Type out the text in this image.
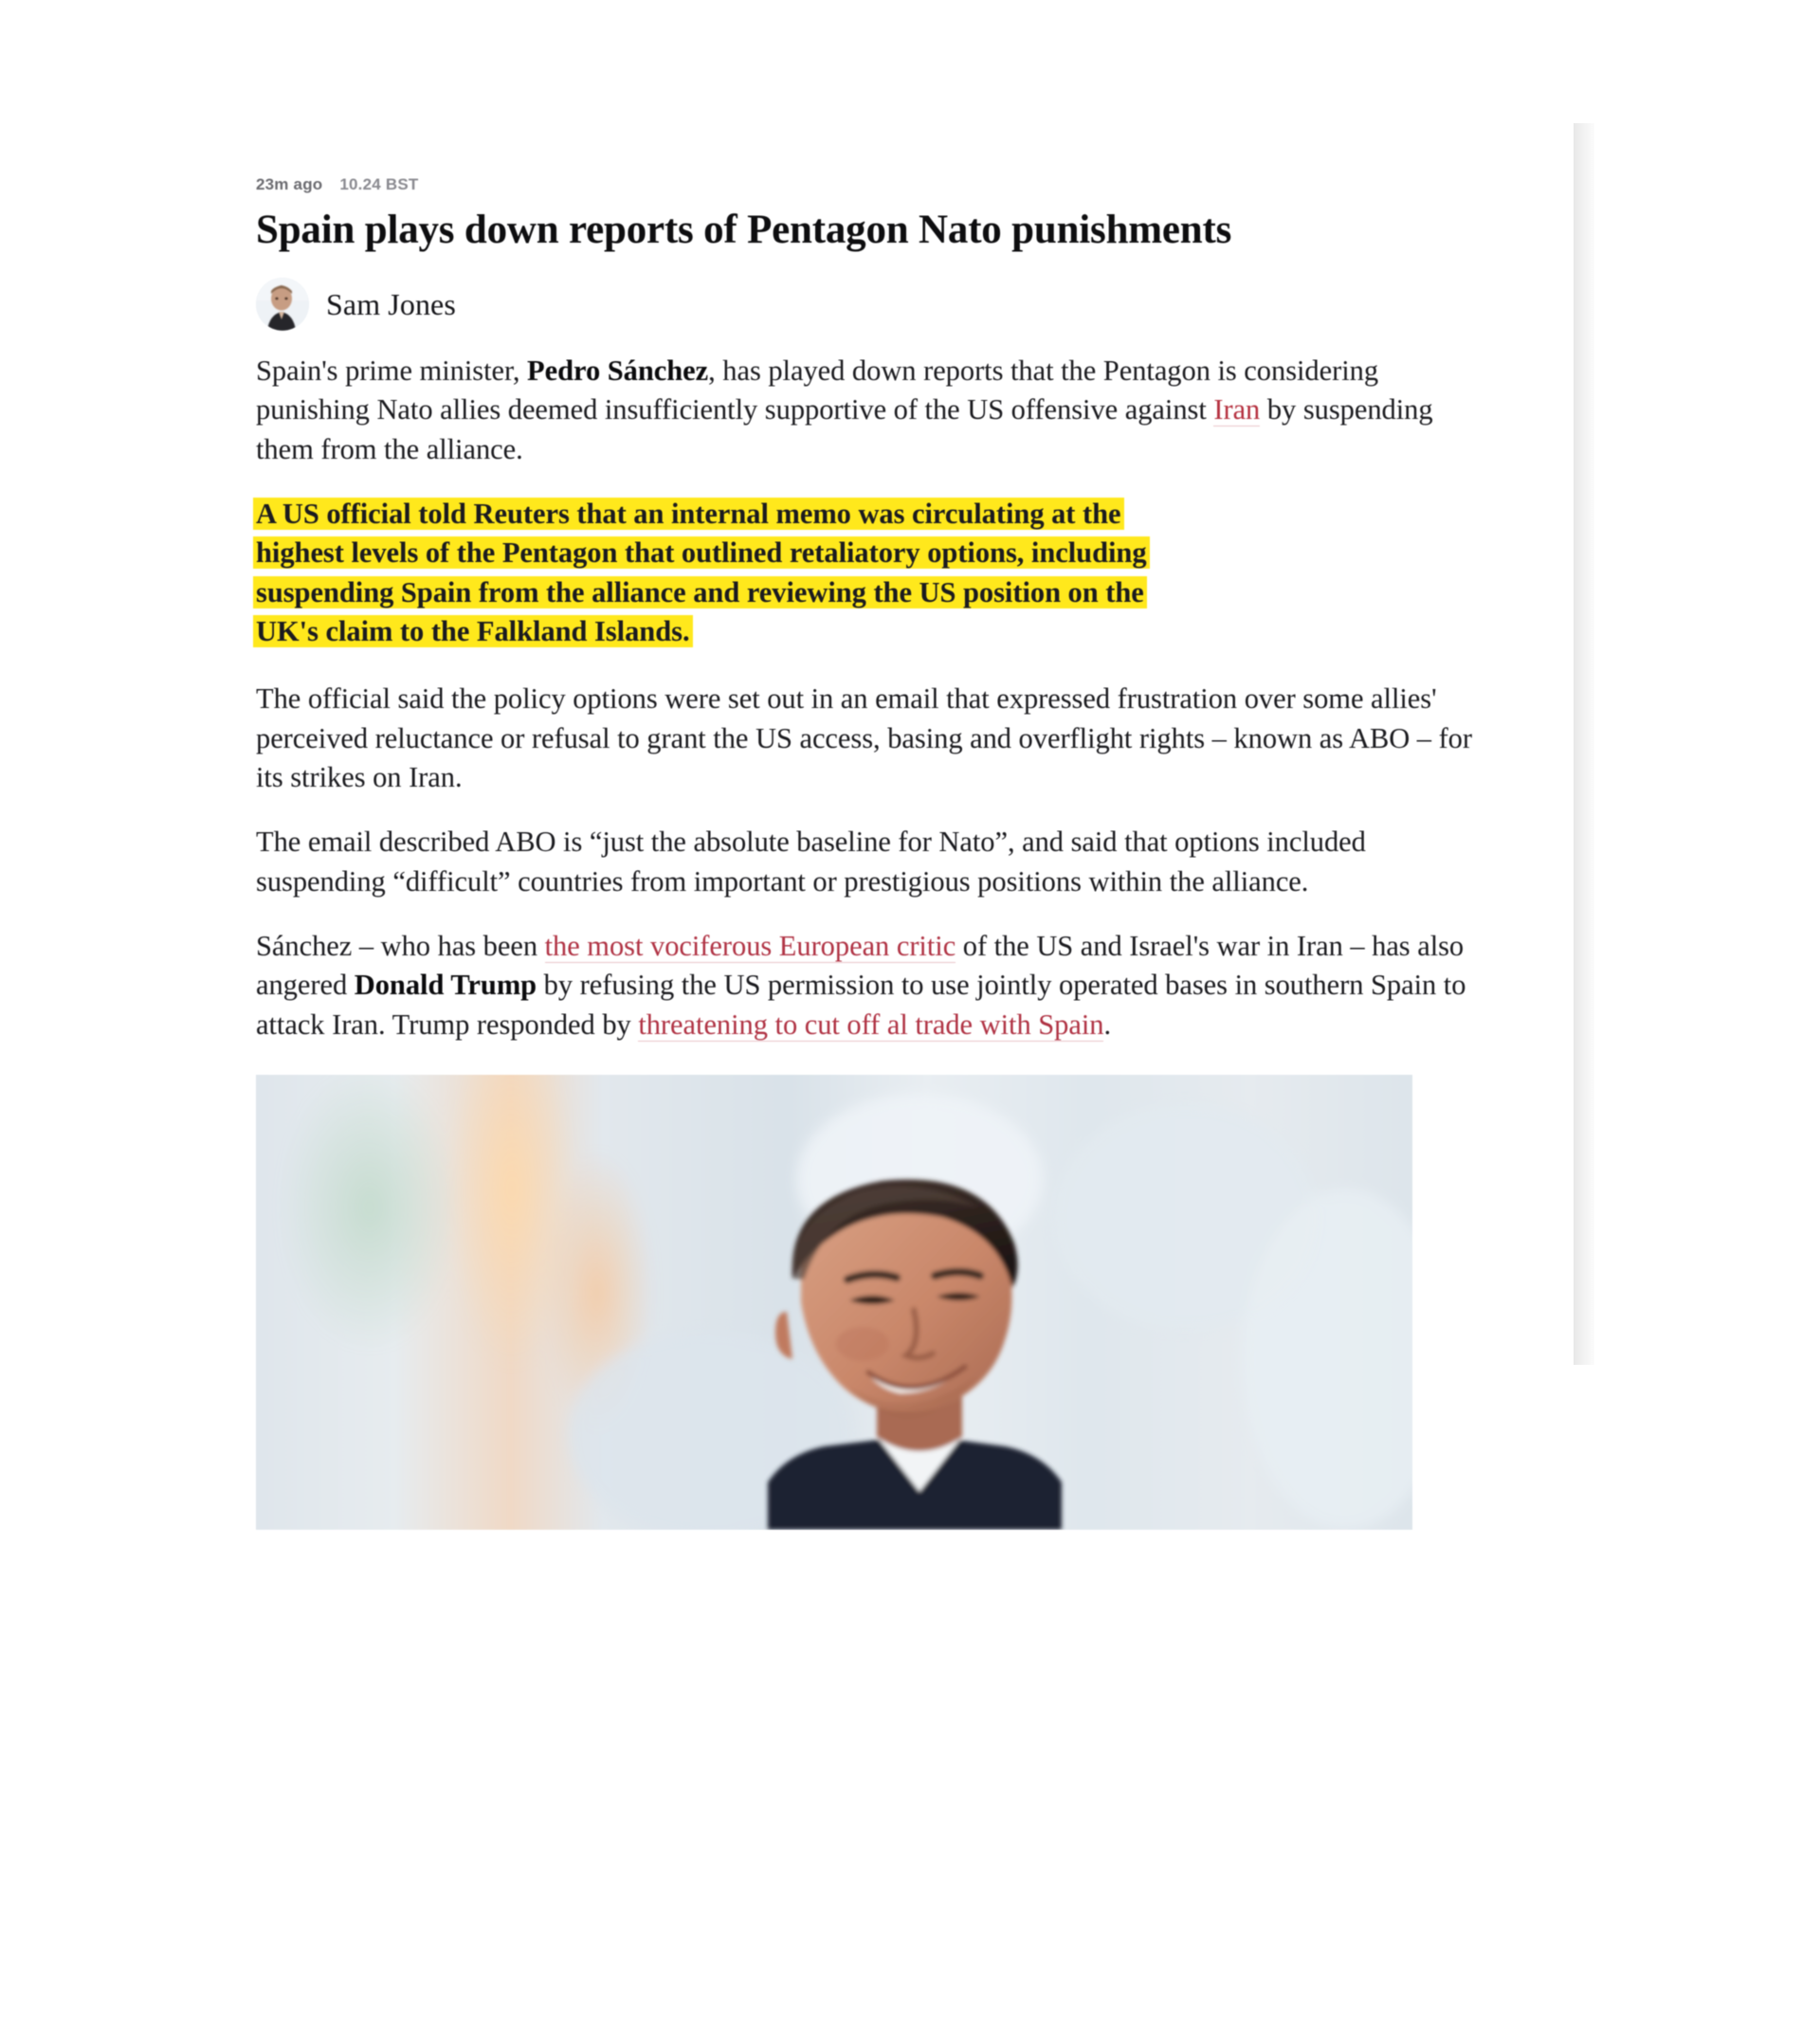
23m ago 10.24 BST
Spain plays down reports of Pentagon Nato punishments
Sam Jones

Spain's prime minister, Pedro Sánchez, has played down reports that the Pentagon is considering punishing Nato allies deemed insufficiently supportive of the US offensive against Iran by suspending them from the alliance.

A US official told Reuters that an internal memo was circulating at the
highest levels of the Pentagon that outlined retaliatory options, including
suspending Spain from the alliance and reviewing the US position on the
UK's claim to the Falkland Islands.

The official said the policy options were set out in an email that expressed frustration over some allies' perceived reluctance or refusal to grant the US access, basing and overflight rights – known as ABO – for its strikes on Iran.

The email described ABO is “just the absolute baseline for Nato”, and said that options included suspending “difficult” countries from important or prestigious positions within the alliance.

Sánchez – who has been the most vociferous European critic of the US and Israel's war in Iran – has also angered Donald Trump by refusing the US permission to use jointly operated bases in southern Spain to attack Iran. Trump responded by threatening to cut off al trade with Spain.
